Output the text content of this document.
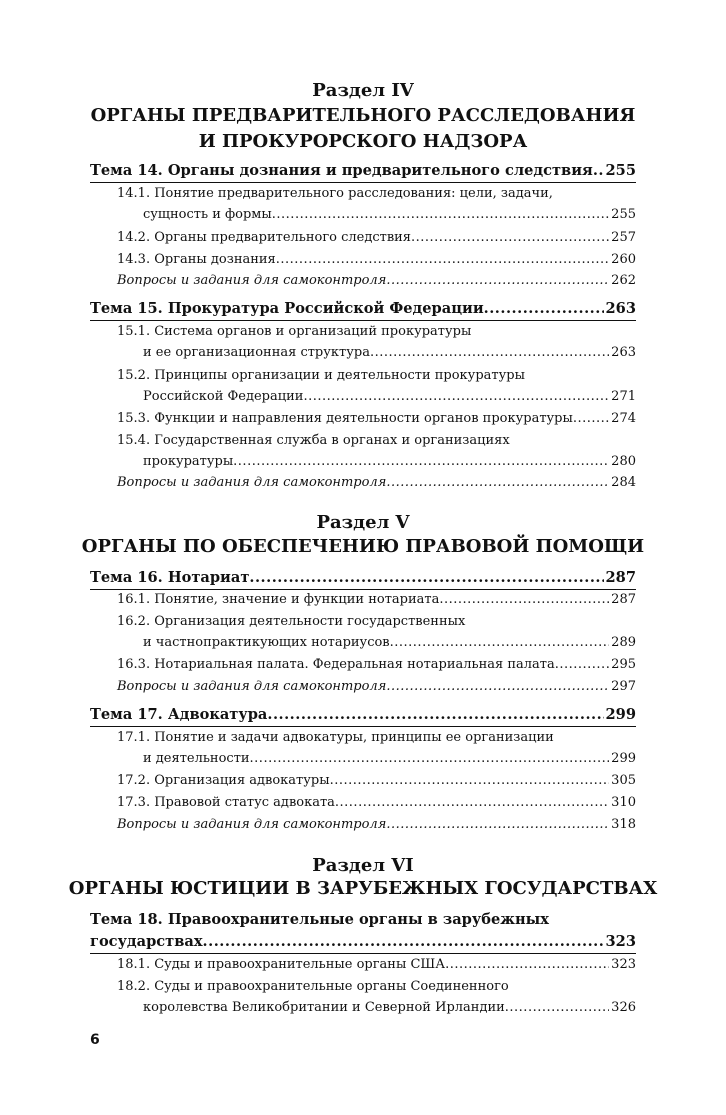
Раздел IV
ОРГАНЫ ПРЕДВАРИТЕЛЬНОГО РАССЛЕДОВАНИЯ
И ПРОКУРОРСКОГО НАДЗОРА
Тема 14. Органы дознания и предварительного следствия ..... 255
14.1. Понятие предварительного расследования: цели, задачи,
сущность и формы .....	255
14.2. Органы предварительного следствия .....	257
14.3. Органы дознания .....	260
Вопросы и задания для самоконтроля .....	262
Тема 15. Прокуратура Российской Федерации .....	263
15.1. Система органов и организаций прокуратуры
и ее организационная структура .....	263
15.2. Принципы организации и деятельности прокуратуры
Российской Федерации .....	271
15.3. Функции и направления деятельности органов прокуратуры .....	274
15.4. Государственная служба в органах и организациях
прокуратуры .....	280
Вопросы и задания для самоконтроля .....	284
Раздел V
ОРГАНЫ ПО ОБЕСПЕЧЕНИЮ ПРАВОВОЙ ПОМОЩИ
Тема 16. Нотариат .....	287
16.1. Понятие, значение и функции нотариата .....	287
16.2. Организация деятельности государственных
и частнопрактикующих нотариусов .....	289
16.3. Нотариальная палата. Федеральная нотариальная палата .....	295
Вопросы и задания для самоконтроля .....	297
Тема 17. Адвокатура .....	299
17.1. Понятие и задачи адвокатуры, принципы ее организации
и деятельности .....	299
17.2. Организация адвокатуры .....	305
17.3. Правовой статус адвоката .....	310
Вопросы и задания для самоконтроля .....	318
Раздел VI
ОРГАНЫ ЮСТИЦИИ В ЗАРУБЕЖНЫХ ГОСУДАРСТВАХ
Тема 18. Правоохранительные органы в зарубежных
государствах .....	323
18.1. Суды и правоохранительные органы США .....	323
18.2. Суды и правоохранительные органы Соединенного
королевства Великобритании и Северной Ирландии .....	326
6
